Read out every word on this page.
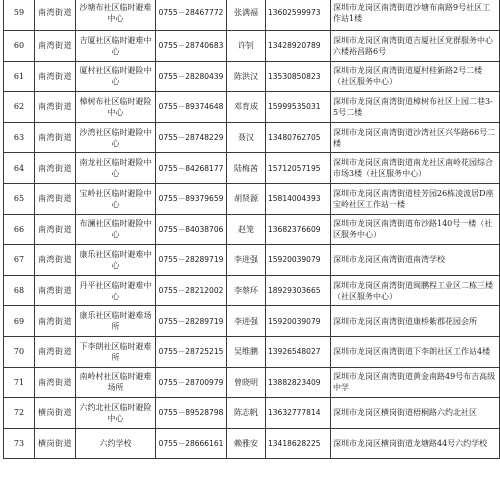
59	南湾街道	沙塘布社区临时避难中心	0755－28467772	张满福	13602599973	深圳市龙岗区南湾街道沙塘布南路9号社区工作站1楼
60	南湾街道	吉厦社区临时避难中心	0755－28740683	许钊	13428920789	深圳市龙岗区南湾街道吉厦社区党群服务中心六楼裕昌路6号
61	南湾街道	厦村社区临时避险中心	0755－28280439	陈洪汉	13530850823	深圳市龙岗区南湾街道厦村桂新路2号二楼（社区服务中心）
62	南湾街道	樟树布社区临时避险中心	0755－89374648	邓育成	15999535031	深圳市龙岗区南湾街道樟树布社区上园二巷3-5号二楼
63	南湾街道	沙湾社区临时避险中心	0755－28748229	聂汉	13480762705	深圳市龙岗区南湾街道沙湾社区兴华路66号二楼
64	南湾街道	南龙社区临时避险中心	0755－84268177	陆梅茜	15712057195	深圳市龙岗区南湾街道南龙社区南岭花园综合市场3楼（社区服务中心）
65	南湾街道	宝岭社区临时避险中心	0755－89379659	胡贤源	15814004393	深圳市龙岗区南湾街道桂芳园26栋凌波居D座宝岭社区工作站一楼
66	南湾街道	布澜社区临时避险中心	0755－84038706	赵笼	13682376609	深圳市龙岗区南湾街道布沙路140号一楼（社区服务中心）
67	南湾街道	康乐社区临时避难中心	0755－28289719	李进强	15920039079	深圳市龙岗区南湾街道南湾学校
68	南湾街道	丹平社区临时避难中心	0755－28212002	李蔡环	18929303665	深圳市龙岗区南湾街道闽鹏程工业区二栋三楼（社区服务中心）
69	南湾街道	康乐社区临时避难场所	0755－28289719	李进强	15920039079	深圳市龙岗区南湾街道康桥紫郡花园会所
70	南湾街道	下李朗社区临时避难所	0755－28725215	吴维鹏	13926548027	深圳市龙岗区南湾街道下李朗社区工作站4楼
71	南湾街道	南岭村社区临时避难场所	0755－28700979	曾晓明	13882823409	深圳市龙岗区南湾街道黄金南路49号布吉高级中学
72	横岗街道	六约北社区临时避险中心	0755－89528798	陈志帆	13632777814	深圳市龙岗区横岗街道梧桐路六约北社区
73	横岗街道	六约学校	0755－28666161	赖雅安	13418628225	深圳市龙岗区横岗街道龙塘路44号六约学校
